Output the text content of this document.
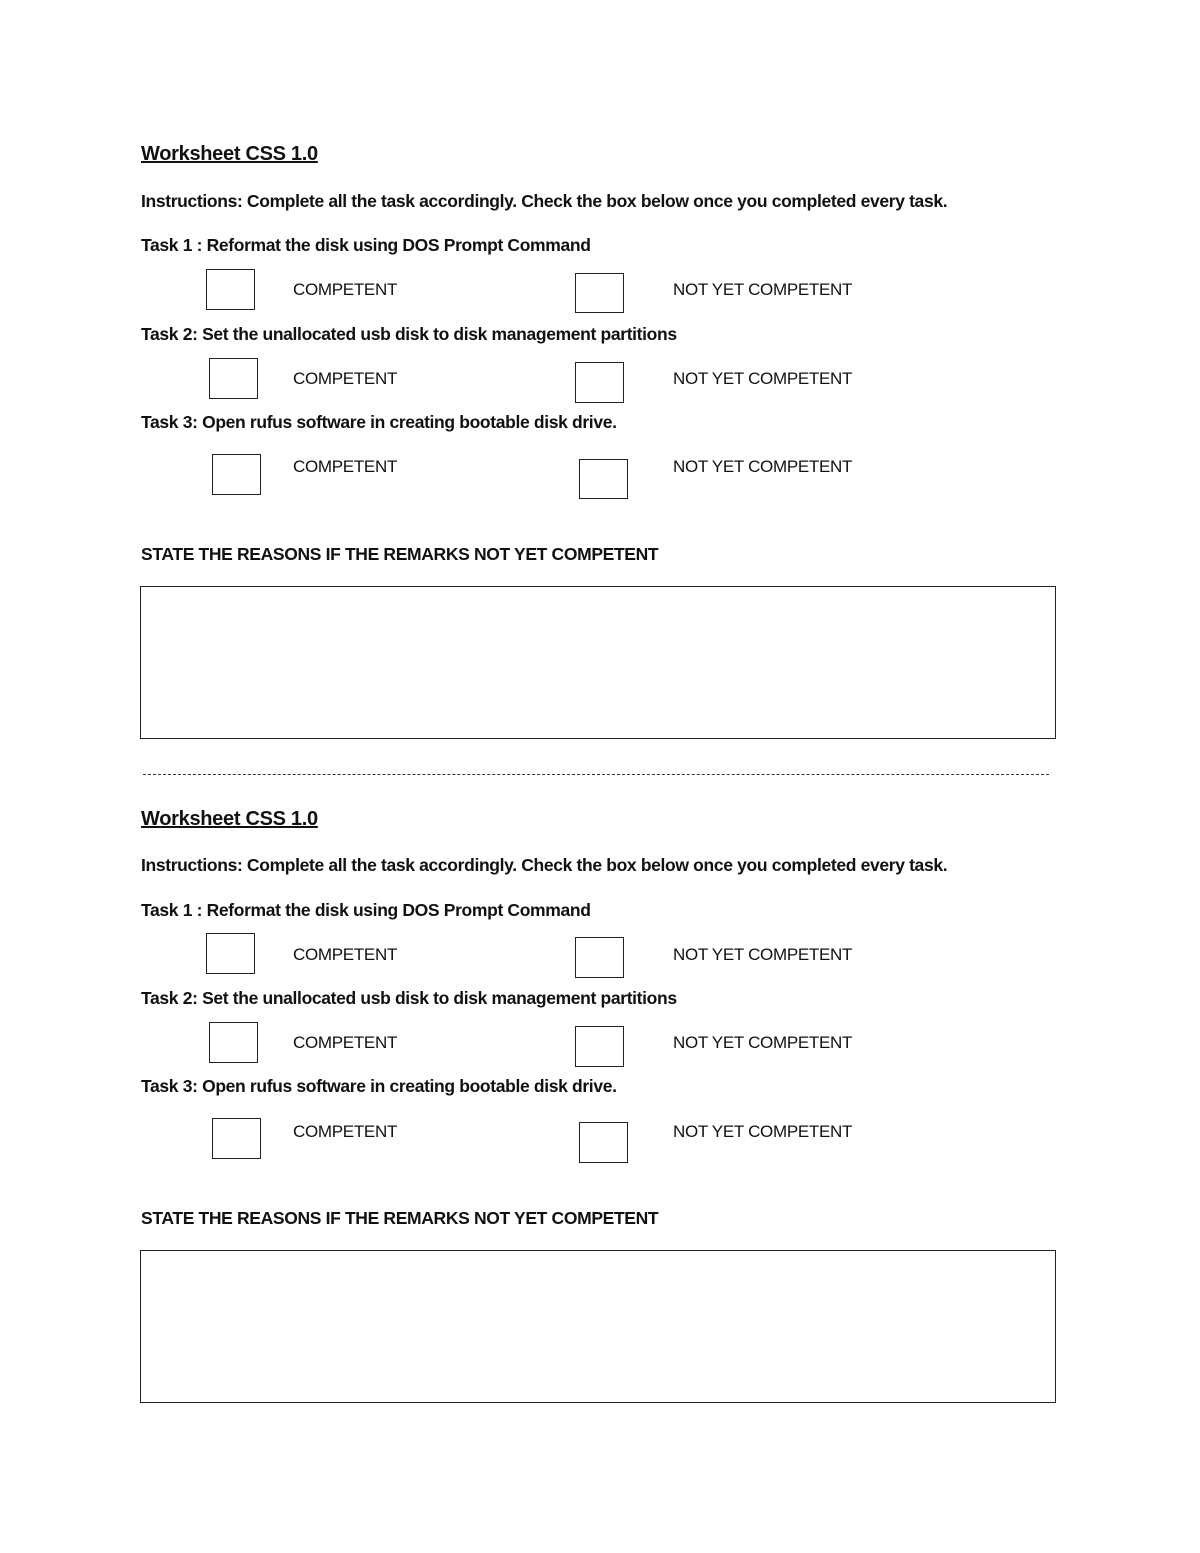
Worksheet CSS 1.0
Instructions: Complete all the task accordingly. Check the box below once you completed every task.
Task 1 : Reformat the disk using DOS Prompt Command
COMPETENT	NOT YET COMPETENT
Task 2: Set the unallocated usb disk to disk management partitions
COMPETENT	NOT YET COMPETENT
Task 3: Open rufus software in creating bootable disk drive.
COMPETENT	NOT YET COMPETENT
STATE THE REASONS IF THE REMARKS NOT YET COMPETENT
Worksheet CSS 1.0
Instructions: Complete all the task accordingly. Check the box below once you completed every task.
Task 1 : Reformat the disk using DOS Prompt Command
COMPETENT	NOT YET COMPETENT
Task 2: Set the unallocated usb disk to disk management partitions
COMPETENT	NOT YET COMPETENT
Task 3: Open rufus software in creating bootable disk drive.
COMPETENT	NOT YET COMPETENT
STATE THE REASONS IF THE REMARKS NOT YET COMPETENT
